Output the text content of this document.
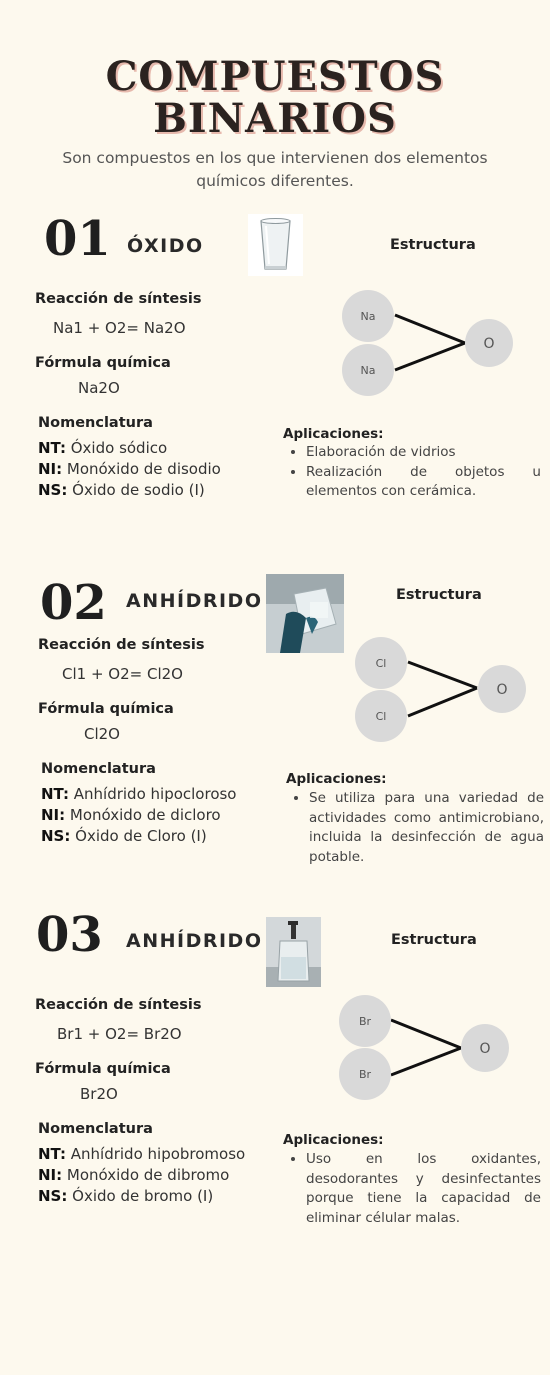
COMPUESTOS
BINARIOS
Son compuestos en los que intervienen dos elementos químicos diferentes.
01 ÓXIDO	Estructura
Reacción de síntesis
Na1 + O2= Na2O
Fórmula química
Na2O
Nomenclatura
NT: Óxido sódico
NI: Monóxido de disodio
NS: Óxido de sodio (I)
Na
Na
O
Aplicaciones:
• Elaboración de vidrios
• Realización de objetos u elementos con cerámica.
02 ANHÍDRIDO	Estructura
Reacción de síntesis
Cl1 + O2= Cl2O
Fórmula química
Cl2O
Nomenclatura
NT: Anhídrido hipocloroso
NI: Monóxido de dicloro
NS: Óxido de Cloro (I)
Cl
Cl
O
Aplicaciones:
• Se utiliza para una variedad de actividades como antimicrobiano, incluida la desinfección de agua potable.
03 ANHÍDRIDO	Estructura
Reacción de síntesis
Br1 + O2= Br2O
Fórmula química
Br2O
Nomenclatura
NT: Anhídrido hipobromoso
NI: Monóxido de dibromo
NS: Óxido de bromo (I)
Br
Br
O
Aplicaciones:
• Uso en los oxidantes, desodorantes y desinfectantes porque tiene la capacidad de eliminar célular malas.
